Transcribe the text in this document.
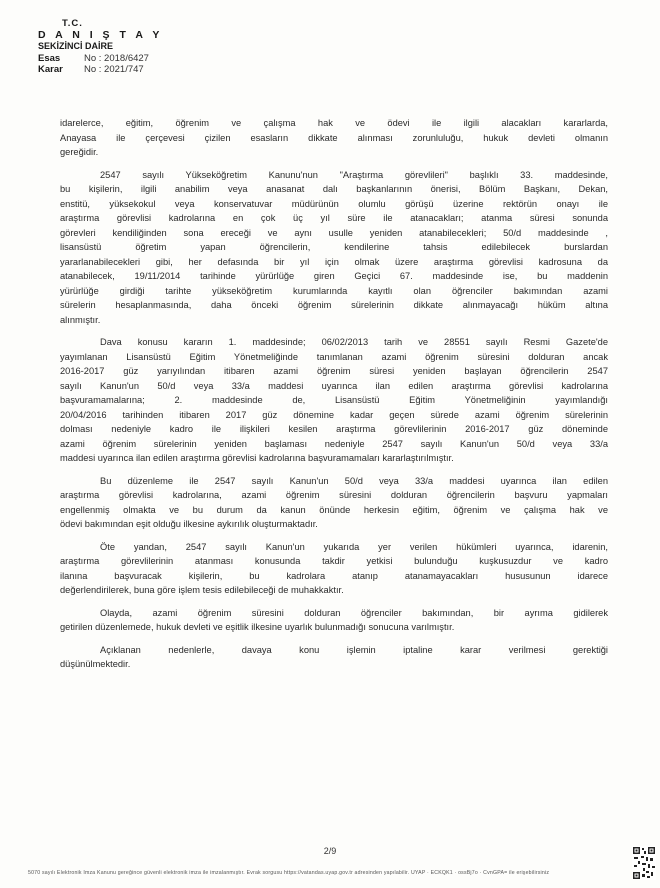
T.C.
D A N I Ş T A Y
SEKİZİNCİ DAİRE
Esas	No : 2018/6427
Karar	No : 2021/747
idarelerce, eğitim, öğrenim ve çalışma hak ve ödevi ile ilgili alacakları kararlarda,
Anayasa ile çerçevesi çizilen esasların dikkate alınması zorunluluğu, hukuk devleti olmanın
gereğidir.
2547 sayılı Yükseköğretim Kanunu'nun "Araştırma görevlileri" başlıklı 33. maddesinde,
bu kişilerin, ilgili anabilim veya anasanat dalı başkanlarının önerisi, Bölüm Başkanı, Dekan,
enstitü, yüksekokul veya konservatuvar müdürünün olumlu görüşü üzerine rektörün onayı ile
araştırma görevlisi kadrolarına en çok üç yıl süre ile atanacakları; atanma süresi sonunda
görevleri kendiliğinden sona ereceği ve aynı usulle yeniden atanabilecekleri; 50/d maddesinde ,
lisansüstü öğretim yapan öğrencilerin, kendilerine tahsis edilebilecek burslardan
yararlanabilecekleri gibi, her defasında bir yıl için olmak üzere araştırma görevlisi kadrosuna da
atanabilecek, 19/11/2014 tarihinde yürürlüğe giren Geçici 67. maddesinde ise, bu maddenin
yürürlüğe girdiği tarihte yükseköğretim kurumlarında kayıtlı olan öğrenciler bakımından azami
sürelerin hesaplanmasında, daha önceki öğrenim sürelerinin dikkate alınmayacağı hüküm altına
alınmıştır.
Dava konusu kararın 1. maddesinde; 06/02/2013 tarih ve 28551 sayılı Resmi Gazete'de
yayımlanan Lisansüstü Eğitim Yönetmeliğinde tanımlanan azami öğrenim süresini dolduran ancak
2016-2017 güz yarıyılından itibaren azami öğrenim süresi yeniden başlayan öğrencilerin 2547
sayılı Kanun'un 50/d veya 33/a maddesi uyarınca ilan edilen araştırma görevlisi kadrolarına
başvuramamalarına; 2. maddesinde de, Lisansüstü Eğitim Yönetmeliğinin yayımlandığı
20/04/2016 tarihinden itibaren 2017 güz dönemine kadar geçen sürede azami öğrenim sürelerinin
dolması nedeniyle kadro ile ilişkileri kesilen araştırma görevlilerinin 2016-2017 güz döneminde
azami öğrenim sürelerinin yeniden başlaması nedeniyle 2547 sayılı Kanun'un 50/d veya 33/a
maddesi uyarınca ilan edilen araştırma görevlisi kadrolarına başvuramamaları kararlaştırılmıştır.
Bu düzenleme ile 2547 sayılı Kanun'un 50/d veya 33/a maddesi uyarınca ilan edilen
araştırma görevlisi kadrolarına, azami öğrenim süresini dolduran öğrencilerin başvuru yapmaları
engellenmiş olmakta ve bu durum da kanun önünde herkesin eğitim, öğrenim ve çalışma hak ve
ödevi bakımından eşit olduğu ilkesine aykırılık oluşturmaktadır.
Öte yandan, 2547 sayılı Kanun'un yukarıda yer verilen hükümleri uyarınca, idarenin,
araştırma görevlilerinin atanması konusunda takdir yetkisi bulunduğu kuşkusuzdur ve kadro
ilanına başvuracak kişilerin, bu kadrolara atanıp atanamayacakları hususunun idarece
değerlendirilerek, buna göre işlem tesis edilebileceği de muhakkaktır.
Olayda, azami öğrenim süresini dolduran öğrenciler bakımından, bir ayrıma gidilerek
getirilen düzenlemede, hukuk devleti ve eşitlik ilkesine uyarlık bulunmadığı sonucuna varılmıştır.
Açıklanan nedenlerle, davaya konu işlemin iptaline karar verilmesi gerektiği
düşünülmektedir.
2/9
5070 sayılı Elektronik İmza Kanunu gereğince güvenli elektronik imza ile imzalanmıştır. Evrak sorgusu https://vatandas.uyap.gov.tr adresinden yapılabilir. UYAP · ECKQK1 · ossBj7o · CvnGPA= ile erişebilirsiniz
